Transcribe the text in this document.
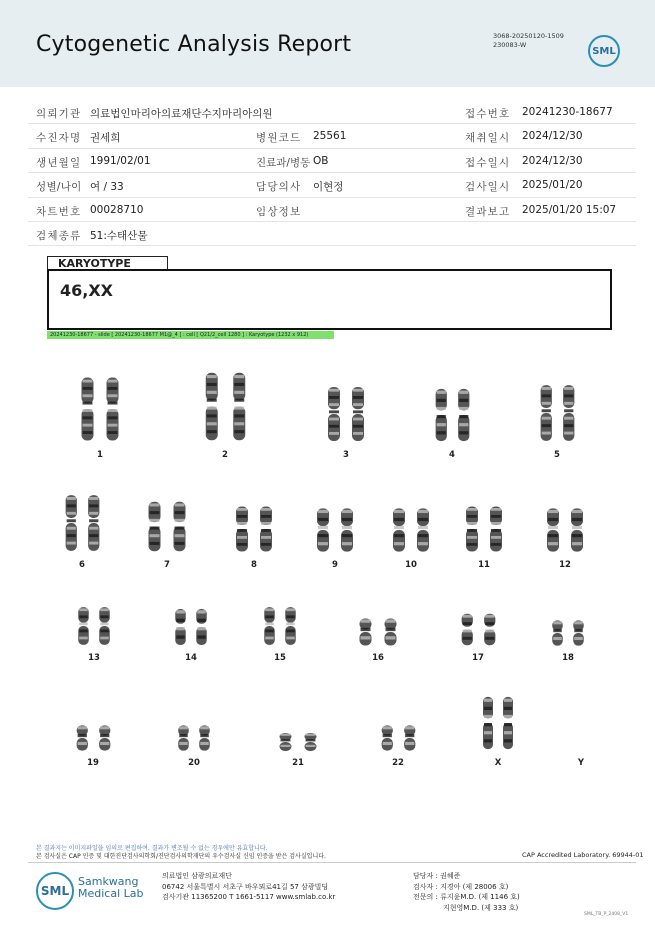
Cytogenetic Analysis Report	3068-20250120-1509
230083-W
SML
의뢰기관 의료법인마리아의료재단수지마리아의원	접수번호 20241230-18677
수진자명 권세희	병원코드 25561	채취일시 2024/12/30
생년월일 1991/02/01	진료과/병동 OB	접수일시 2024/12/30
성별/나이 여 / 33	담당의사 이현정	검사일시 2025/01/20
차트번호 00028710	임상정보	결과보고 2025/01/20 15:07
검체종류 51:수태산물
KARYOTYPE
46,XX
20241230-18677 - slide [ 20241230-18677 M1@_4 ] : cell [ Q21/2_cell 1280 ] : Karyotype (1232 x 912)
1	2	3	4	5
6	7	8	9	10	11	12
13	14	15	16	17	18
19	20	21	22	X	Y
본 결과지는 이미지파일을 임의로 편집하여, 결과가 변조될 수 없는 경우에만 유효합니다.
본 검사실은 CAP 인증 및 대한진단검사의학회/진단검사의학재단의 우수검사실 신임 인증을 받은 검사실입니다.	CAP Accredited Laboratory. 69944-01
SML
Samkwang
Medical Lab
의료법인 삼광의료재단
06742 서울특별시 서초구 바우뫼로41길 57 삼광빌딩
검사기관 11365200 T 1661-5117 www.smlab.co.kr
담당자 : 권혜준
검사자 : 지경아 (제 28006 호)
전문의 : 류지윤M.D. (제 1146 호)
지현영M.D. (제 333 호)
SML_TB_P_2408_V1
